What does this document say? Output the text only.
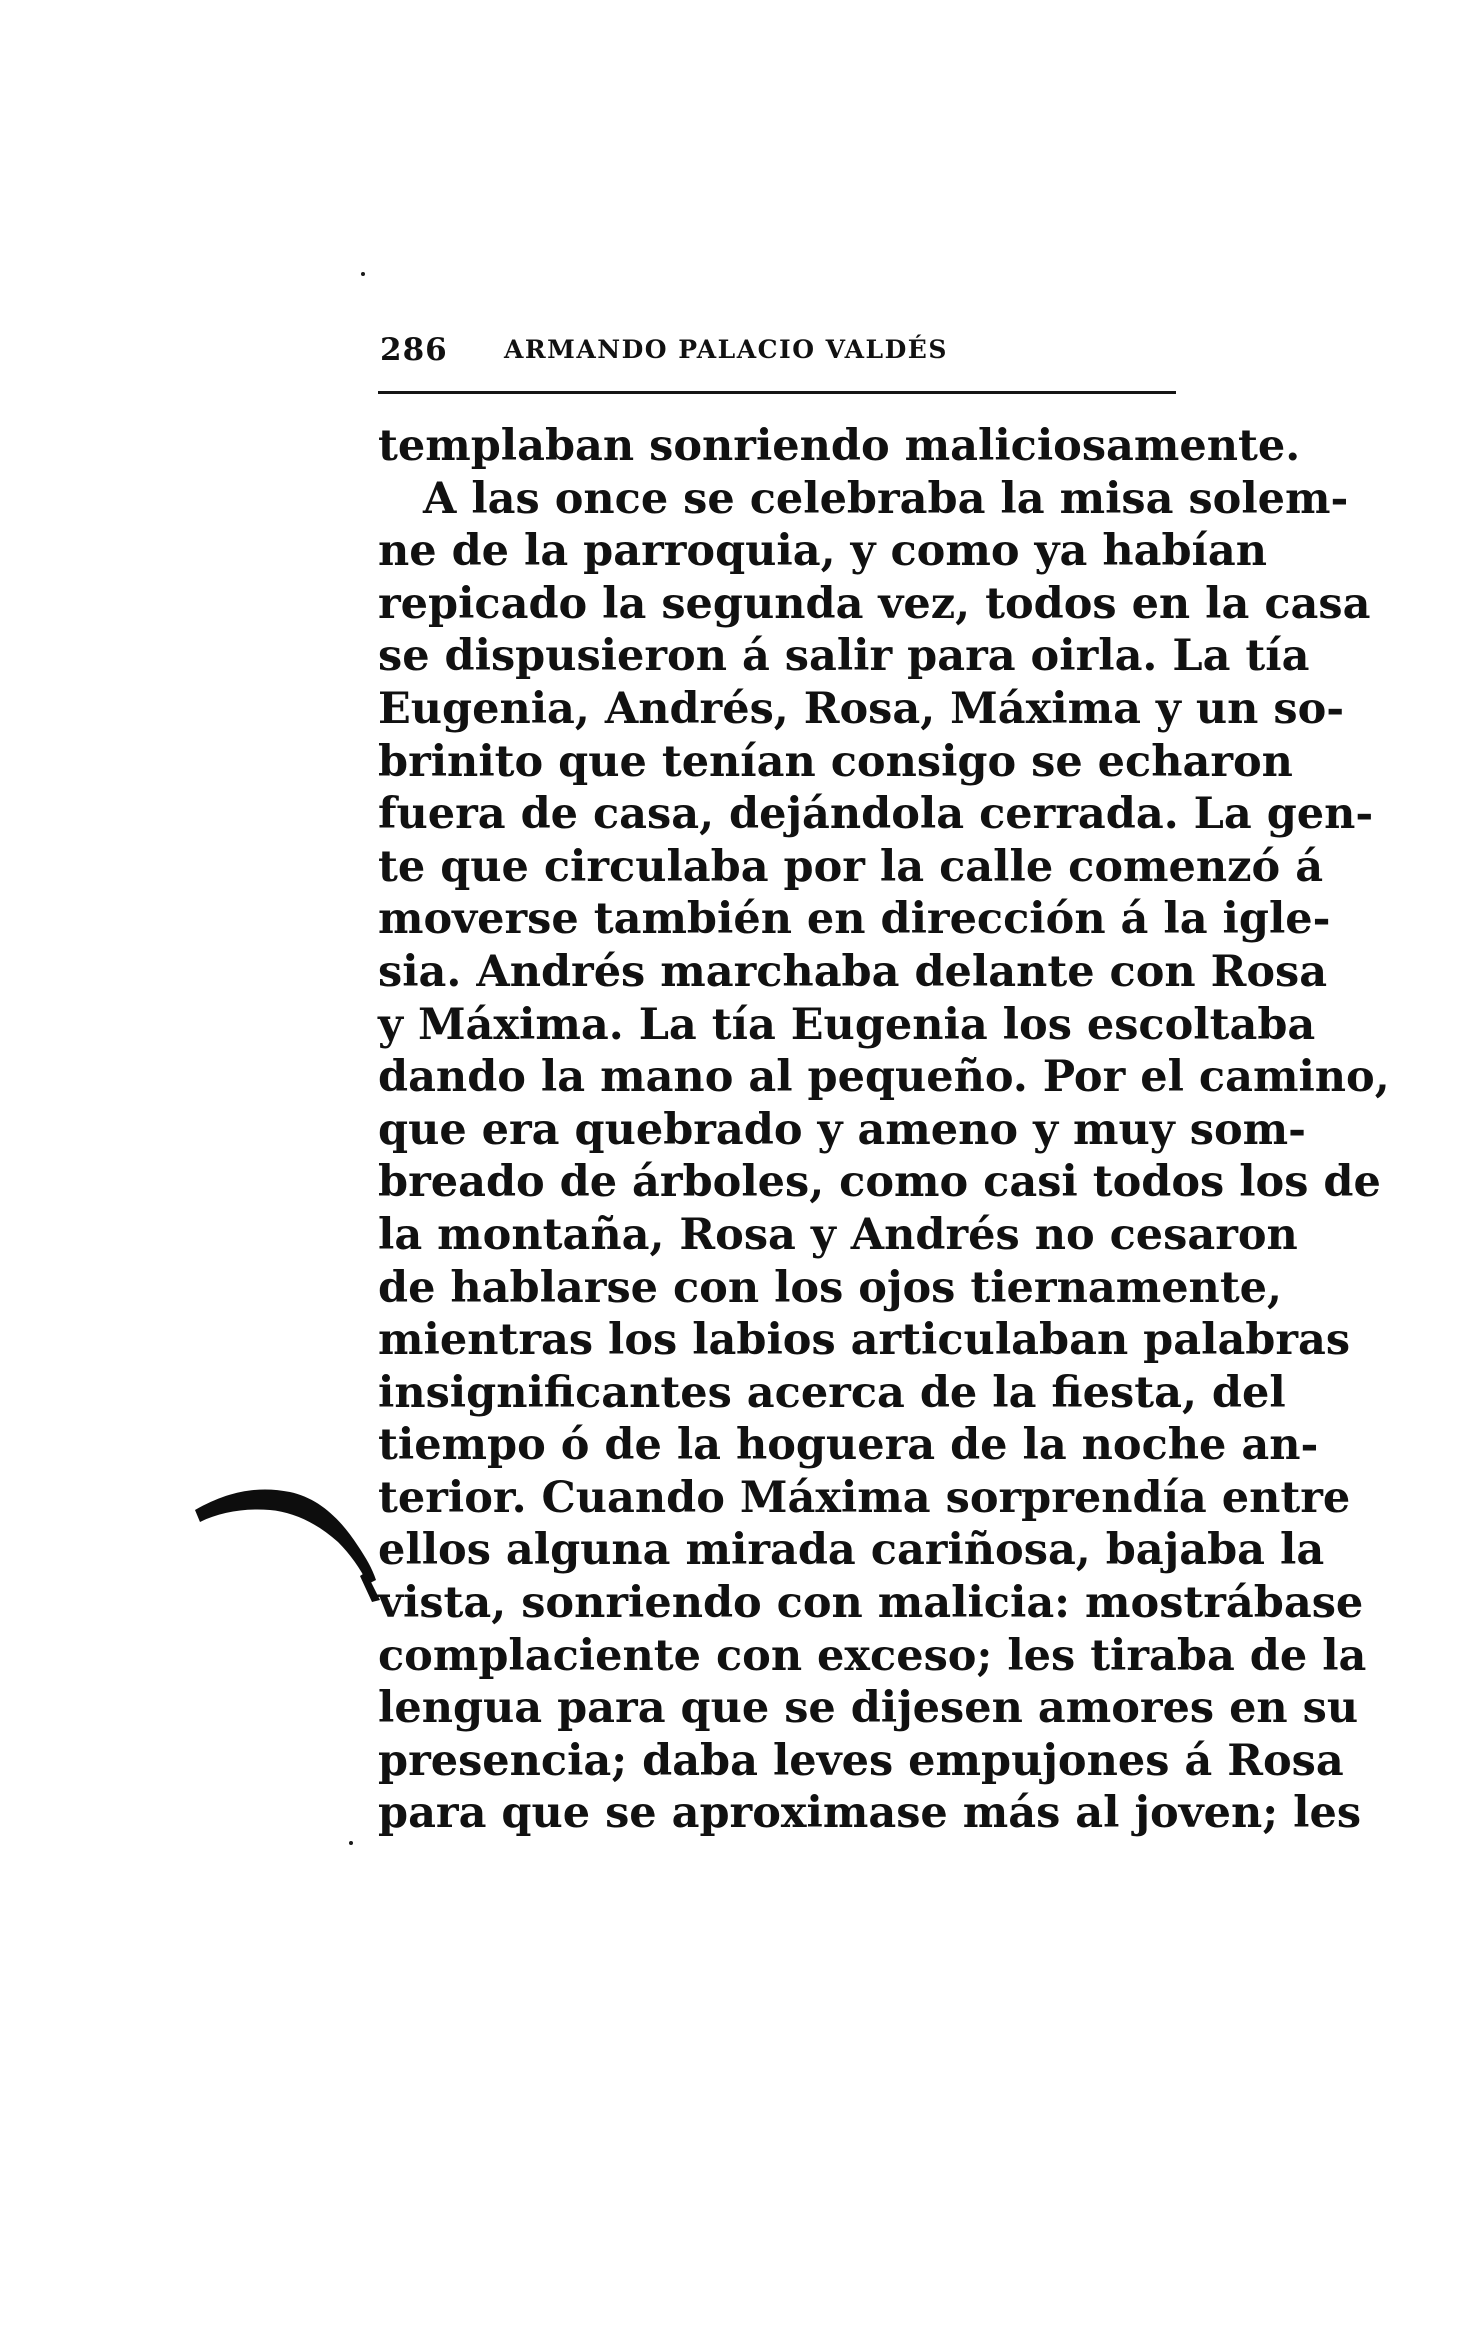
286 ARMANDO PALACIO VALDÉS
templaban sonriendo maliciosamente.
A las once se celebraba la misa solem-
ne de la parroquia, y como ya habían
repicado la segunda vez, todos en la casa
se dispusieron á salir para oirla. La tía
Eugenia, Andrés, Rosa, Máxima y un so-
brinito que tenían consigo se echaron
fuera de casa, dejándola cerrada. La gen-
te que circulaba por la calle comenzó á
moverse también en dirección á la igle-
sia. Andrés marchaba delante con Rosa
y Máxima. La tía Eugenia los escoltaba
dando la mano al pequeño. Por el camino,
que era quebrado y ameno y muy som-
breado de árboles, como casi todos los de
la montaña, Rosa y Andrés no cesaron
de hablarse con los ojos tiernamente,
mientras los labios articulaban palabras
insignificantes acerca de la fiesta, del
tiempo ó de la hoguera de la noche an-
terior. Cuando Máxima sorprendía entre
ellos alguna mirada cariñosa, bajaba la
vista, sonriendo con malicia: mostrábase
complaciente con exceso; les tiraba de la
lengua para que se dijesen amores en su
presencia; daba leves empujones á Rosa
para que se aproximase más al joven; les
